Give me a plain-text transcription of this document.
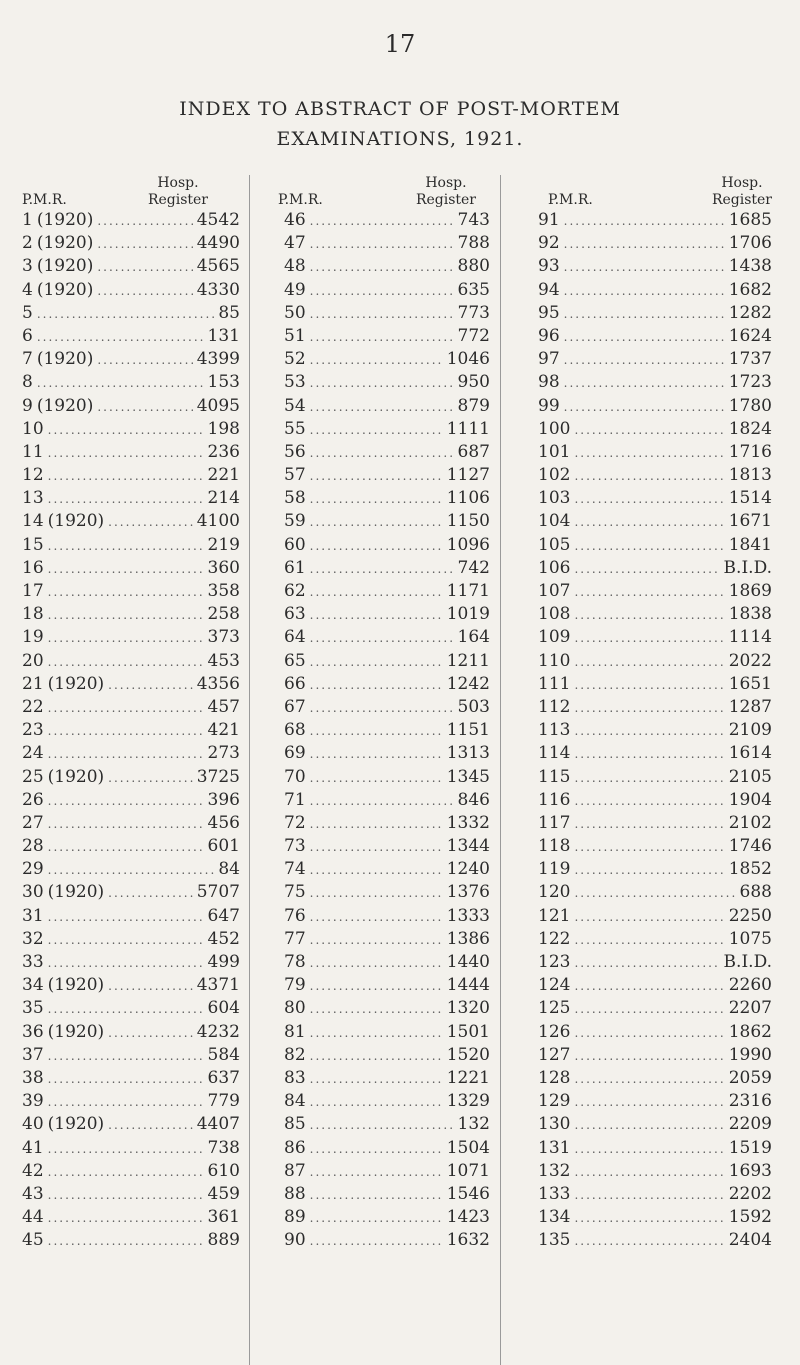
17
INDEX TO ABSTRACT OF POST-MORTEM
EXAMINATIONS, 1921.
P.M.R.
Hosp.
Register
1 (1920) .....	4542
2 (1920) .....	4490
3 (1920) .....	4565
4 (1920) .....	4330
5 .....	85
6 .....	131
7 (1920) .....	4399
8 .....	153
9 (1920) .....	4095
10 .....	198
11 .....	236
12 .....	221
13 .....	214
14 (1920) .....	4100
15 .....	219
16 .....	360
17 .....	358
18 .....	258
19 .....	373
20 .....	453
21 (1920) .....	4356
22 .....	457
23 .....	421
24 .....	273
25 (1920) .....	3725
26 .....	396
27 .....	456
28 .....	601
29 .....	84
30 (1920) .....	5707
31 .....	647
32 .....	452
33 .....	499
34 (1920) .....	4371
35 .....	604
36 (1920) .....	4232
37 .....	584
38 .....	637
39 .....	779
40 (1920) .....	4407
41 .....	738
42 .....	610
43 .....	459
44 .....	361
45 .....	889
P.M.R.
Hosp.
Register
46 .....	743
47 .....	788
48 .....	880
49 .....	635
50 .....	773
51 .....	772
52 .....	1046
53 .....	950
54 .....	879
55 .....	1111
56 .....	687
57 .....	1127
58 .....	1106
59 .....	1150
60 .....	1096
61 .....	742
62 .....	1171
63 .....	1019
64 .....	164
65 .....	1211
66 .....	1242
67 .....	503
68 .....	1151
69 .....	1313
70 .....	1345
71 .....	846
72 .....	1332
73 .....	1344
74 .....	1240
75 .....	1376
76 .....	1333
77 .....	1386
78 .....	1440
79 .....	1444
80 .....	1320
81 .....	1501
82 .....	1520
83 .....	1221
84 .....	1329
85 .....	132
86 .....	1504
87 .....	1071
88 .....	1546
89 .....	1423
90 .....	1632
P.M.R.
Hosp.
Register
91 .....	1685
92 .....	1706
93 .....	1438
94 .....	1682
95 .....	1282
96 .....	1624
97 .....	1737
98 .....	1723
99 .....	1780
100 .....	1824
101 .....	1716
102 .....	1813
103 .....	1514
104 .....	1671
105 .....	1841
106 .....	B.I.D.
107 .....	1869
108 .....	1838
109 .....	1114
110 .....	2022
111 .....	1651
112 .....	1287
113 .....	2109
114 .....	1614
115 .....	2105
116 .....	1904
117 .....	2102
118 .....	1746
119 .....	1852
120 .....	688
121 .....	2250
122 .....	1075
123 .....	B.I.D.
124 .....	2260
125 .....	2207
126 .....	1862
127 .....	1990
128 .....	2059
129 .....	2316
130 .....	2209
131 .....	1519
132 .....	1693
133 .....	2202
134 .....	1592
135 .....	2404
